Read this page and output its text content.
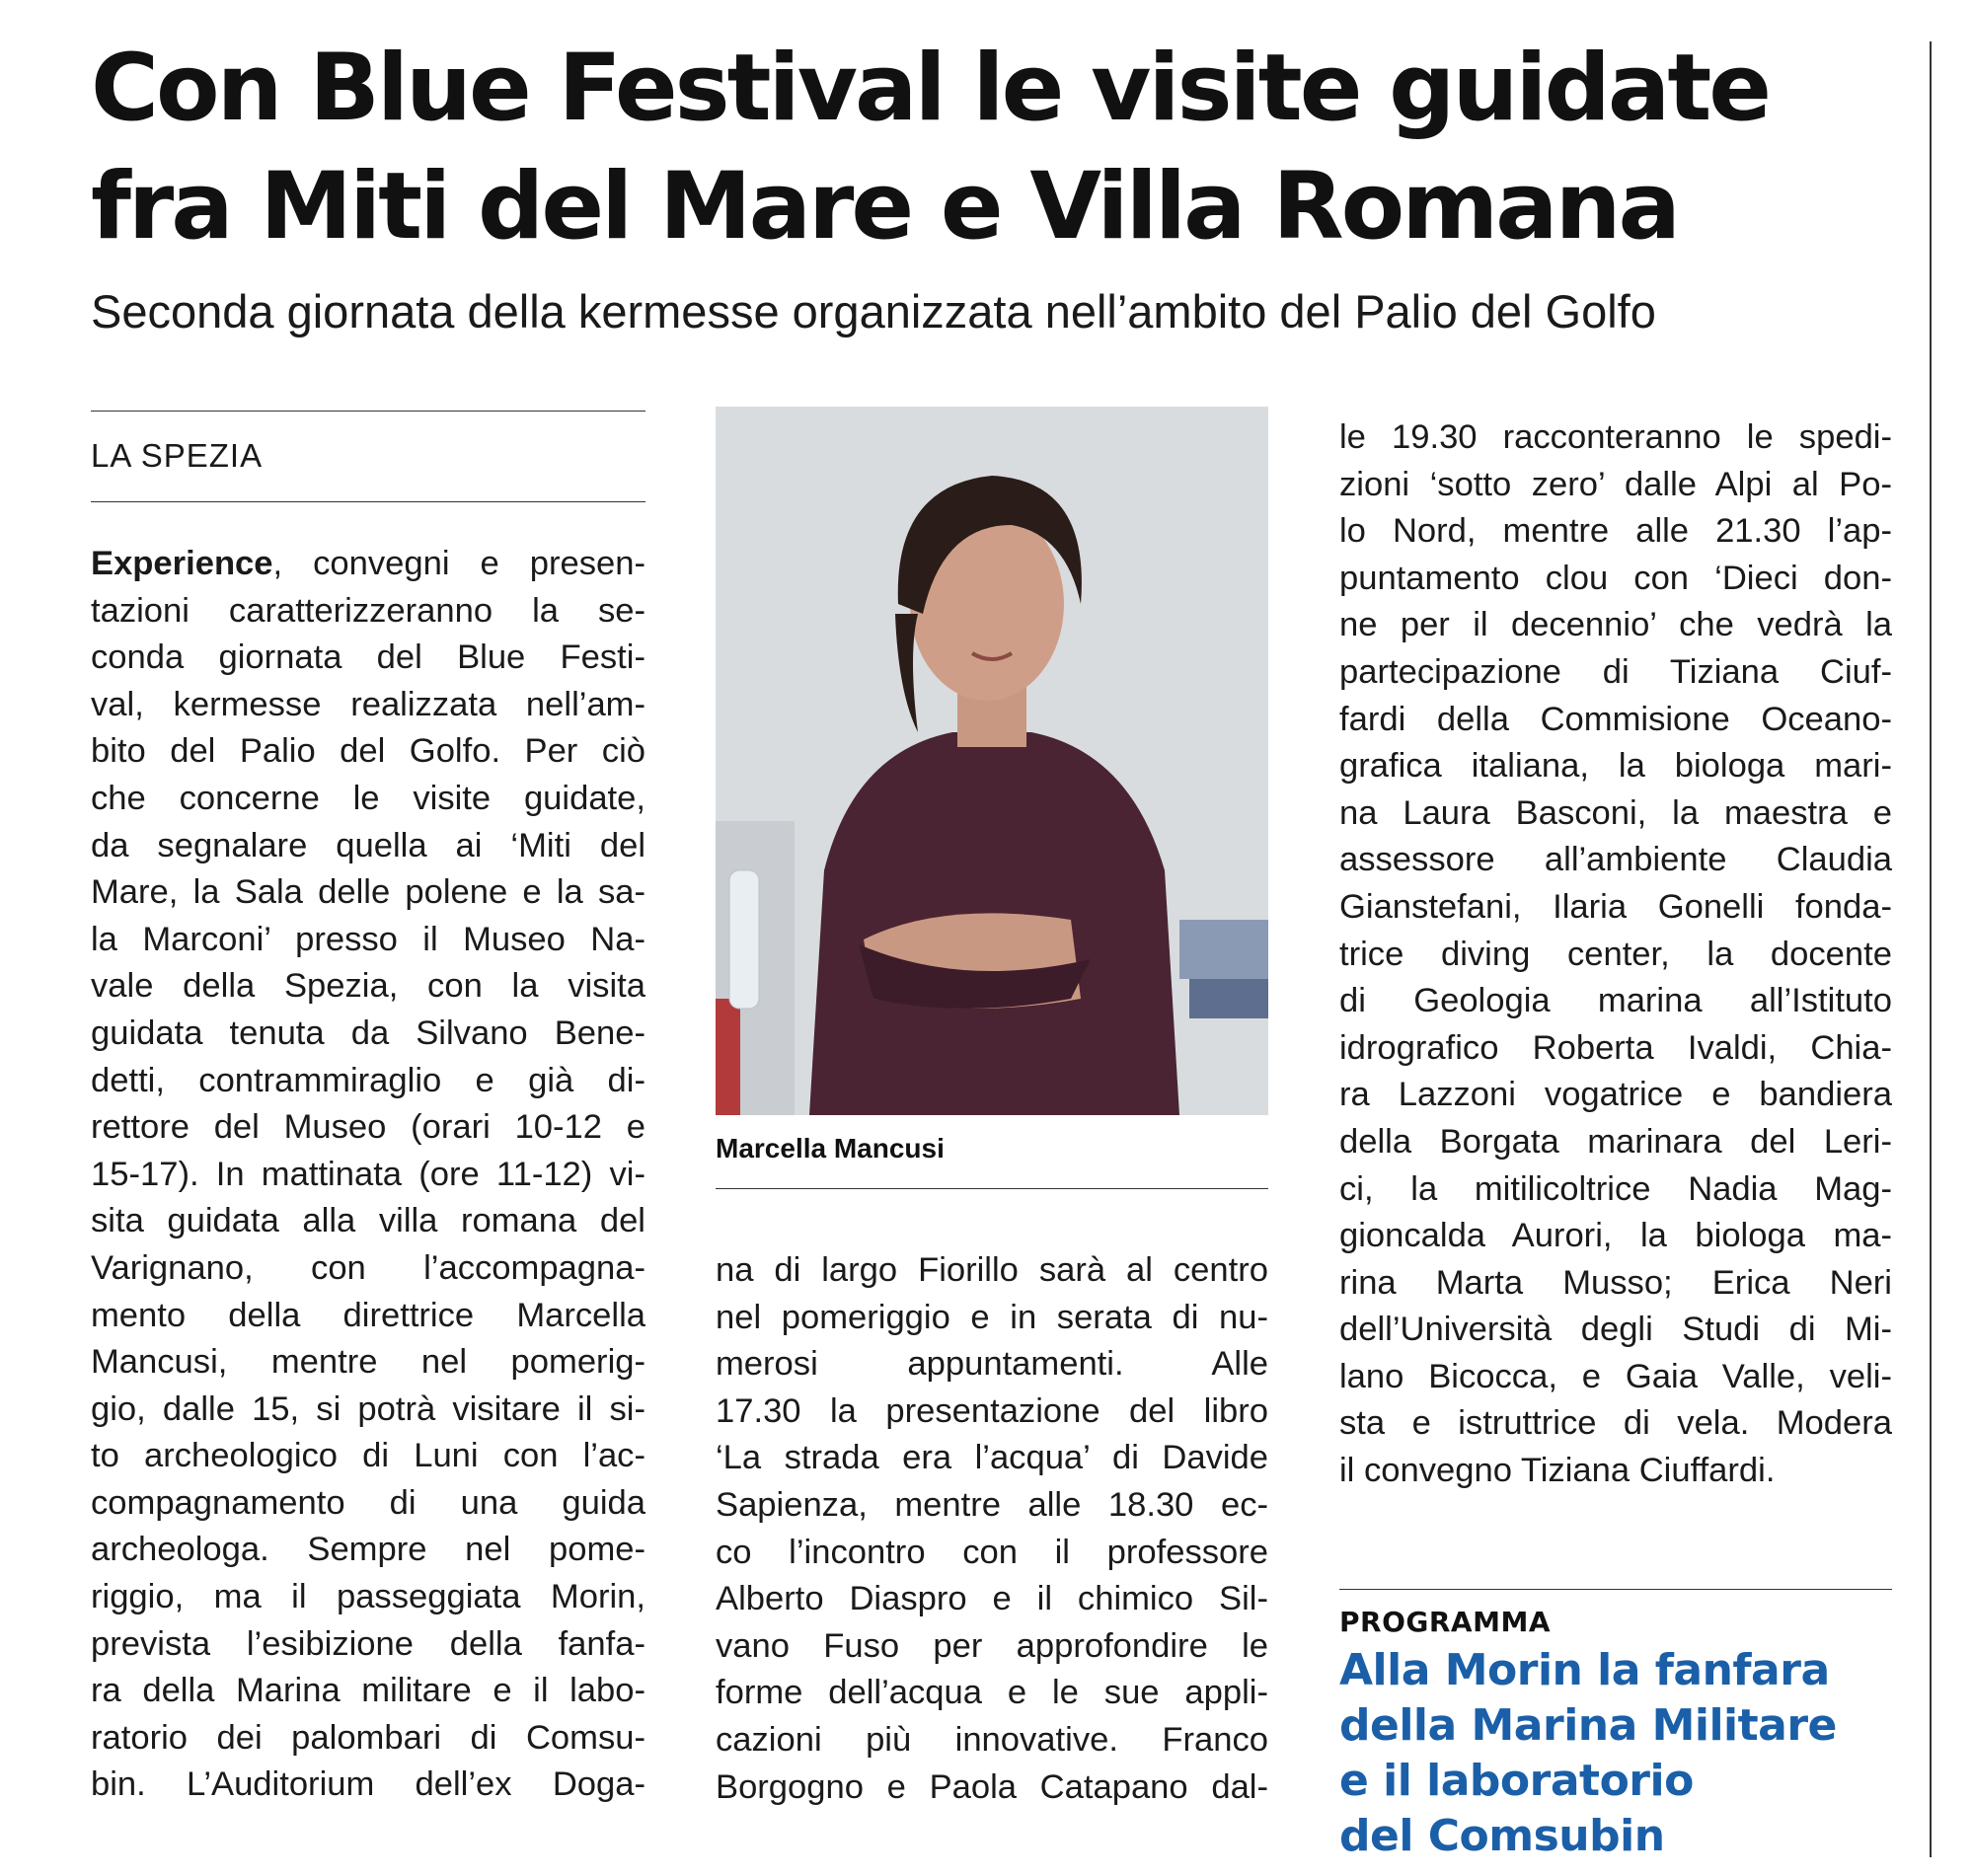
Con Blue Festival le visite guidate
fra Miti del Mare e Villa Romana

Seconda giornata della kermesse organizzata nell’ambito del Palio del Golfo

LA SPEZIA
Experience, convegni e presen-
tazioni caratterizzeranno la se-
conda giornata del Blue Festi-
val, kermesse realizzata nell’am-
bito del Palio del Golfo. Per ciò
che concerne le visite guidate,
da segnalare quella ai ‘Miti del
Mare, la Sala delle polene e la sa-
la Marconi’ presso il Museo Na-
vale della Spezia, con la visita
guidata tenuta da Silvano Bene-
detti, contrammiraglio e già di-
rettore del Museo (orari 10-12 e
15-17). In mattinata (ore 11-12) vi-
sita guidata alla villa romana del
Varignano, con l’accompagna-
mento della direttrice Marcella
Mancusi, mentre nel pomerig-
gio, dalle 15, si potrà visitare il si-
to archeologico di Luni con l’ac-
compagnamento di una guida
archeologa. Sempre nel pome-
riggio, ma il passeggiata Morin,
prevista l’esibizione della fanfa-
ra della Marina militare e il labo-
ratorio dei palombari di Comsu-
bin. L’Auditorium dell’ex Doga-
Marcella Mancusi
na di largo Fiorillo sarà al centro
nel pomeriggio e in serata di nu-
merosi appuntamenti. Alle
17.30 la presentazione del libro
‘La strada era l’acqua’ di Davide
Sapienza, mentre alle 18.30 ec-
co l’incontro con il professore
Alberto Diaspro e il chimico Sil-
vano Fuso per approfondire le
forme dell’acqua e le sue appli-
cazioni più innovative. Franco
Borgogno e Paola Catapano dal-
le 19.30 racconteranno le spedi-
zioni ‘sotto zero’ dalle Alpi al Po-
lo Nord, mentre alle 21.30 l’ap-
puntamento clou con ‘Dieci don-
ne per il decennio’ che vedrà la
partecipazione di Tiziana Ciuf-
fardi della Commisione Oceano-
grafica italiana, la biologa mari-
na Laura Basconi, la maestra e
assessore all’ambiente Claudia
Gianstefani, Ilaria Gonelli fonda-
trice diving center, la docente
di Geologia marina all’Istituto
idrografico Roberta Ivaldi, Chia-
ra Lazzoni vogatrice e bandiera
della Borgata marinara del Leri-
ci, la mitilicoltrice Nadia Mag-
gioncalda Aurori, la biologa ma-
rina Marta Musso; Erica Neri
dell’Università degli Studi di Mi-
lano Bicocca, e Gaia Valle, veli-
sta e istruttrice di vela. Modera
il convegno Tiziana Ciuffardi.
PROGRAMMA
Alla Morin la fanfara
della Marina Militare
e il laboratorio
del Comsubin
